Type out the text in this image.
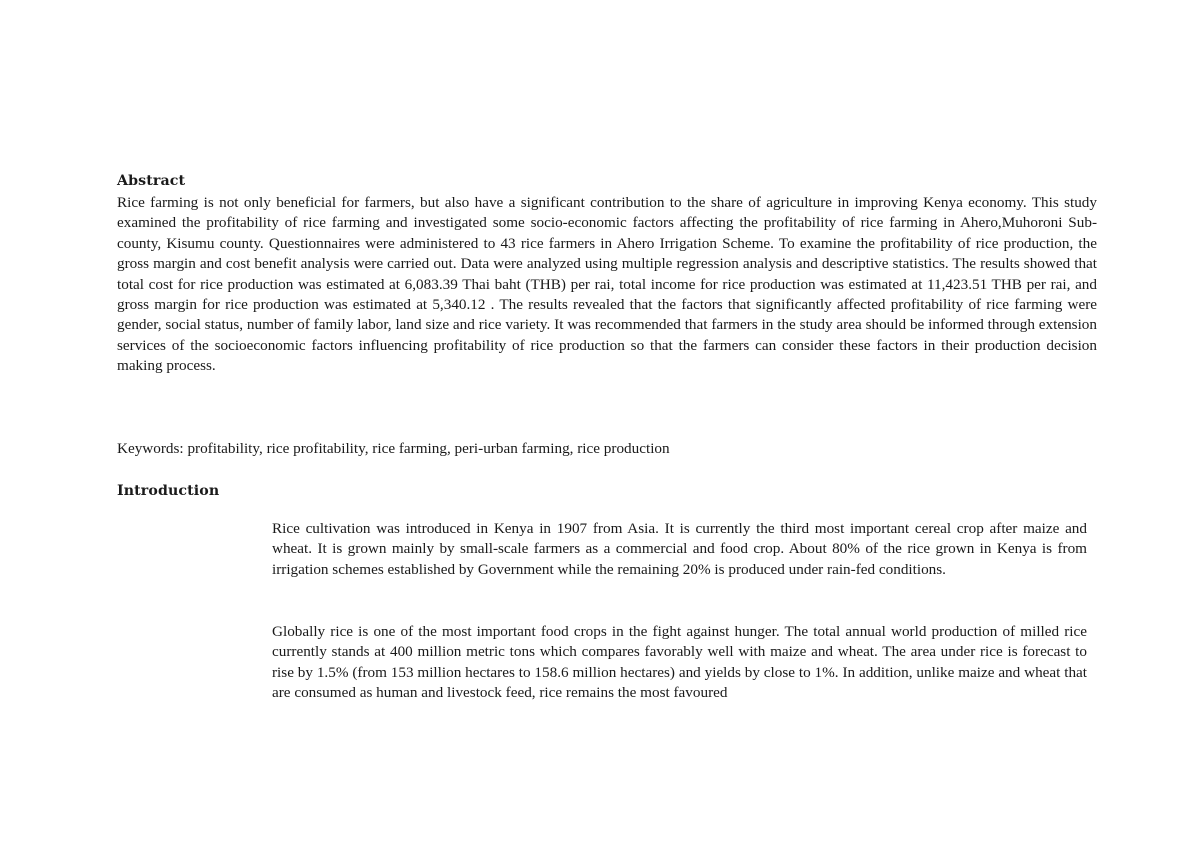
Abstract

Rice farming is not only beneficial for farmers, but also have a significant contribution to the share of agriculture in improving Kenya economy. This study examined the profitability of rice farming and investigated some socio-economic factors affecting the profitability of rice farming in Ahero,Muhoroni Sub-county, Kisumu county. Questionnaires were administered to 43 rice farmers in Ahero Irrigation Scheme. To examine the profitability of rice production, the gross margin and cost benefit analysis were carried out. Data were analyzed using multiple regression analysis and descriptive statistics. The results showed that total cost for rice production was estimated at 6,083.39 Thai baht (THB) per rai, total income for rice production was estimated at 11,423.51 THB per rai, and gross margin for rice production was estimated at 5,340.12 . The results revealed that the factors that significantly affected profitability of rice farming were gender, social status, number of family labor, land size and rice variety. It was recommended that farmers in the study area should be informed through extension services of the socioeconomic factors influencing profitability of rice production so that the farmers can consider these factors in their production decision making process.

Keywords: profitability, rice profitability, rice farming, peri-urban farming, rice production

Introduction

Rice cultivation was introduced in Kenya in 1907 from Asia. It is currently the third most important cereal crop after maize and wheat. It is grown mainly by small-scale farmers as a commercial and food crop. About 80% of the rice grown in Kenya is from irrigation schemes established by Government while the remaining 20% is produced under rain-fed conditions.

Globally rice is one of the most important food crops in the fight against hunger. The total annual world production of milled rice currently stands at 400 million metric tons which compares favorably well with maize and wheat. The area under rice is forecast to rise by 1.5% (from 153 million hectares to 158.6 million hectares) and yields by close to 1%. In addition, unlike maize and wheat that are consumed as human and livestock feed, rice remains the most favoured
